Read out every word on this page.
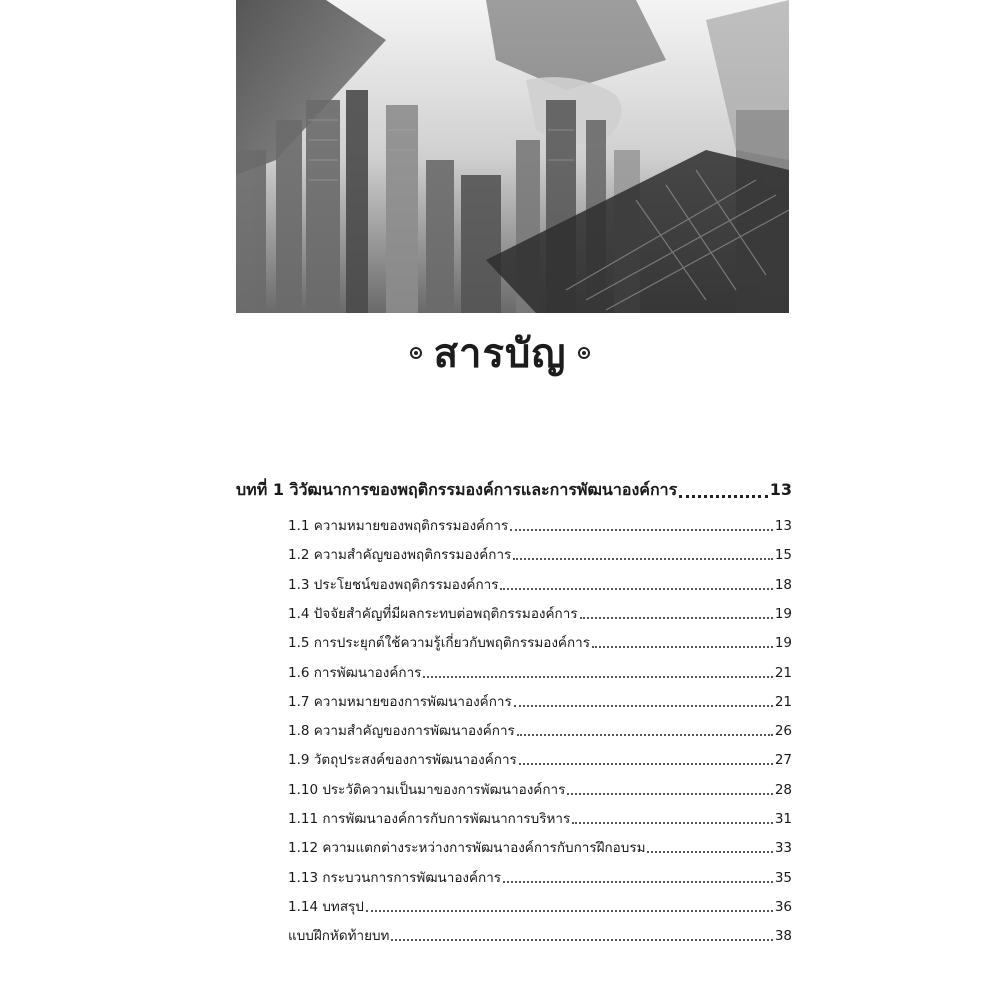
สารบัญ
บทที่ 1 วิวัฒนาการของพฤติกรรมองค์การและการพัฒนาองค์การ	13
1.1 ความหมายของพฤติกรรมองค์การ	13
1.2 ความสำคัญของพฤติกรรมองค์การ	15
1.3 ประโยชน์ของพฤติกรรมองค์การ	18
1.4 ปัจจัยสำคัญที่มีผลกระทบต่อพฤติกรรมองค์การ	19
1.5 การประยุกต์ใช้ความรู้เกี่ยวกับพฤติกรรมองค์การ	19
1.6 การพัฒนาองค์การ	21
1.7 ความหมายของการพัฒนาองค์การ	21
1.8 ความสำคัญของการพัฒนาองค์การ	26
1.9 วัตถุประสงค์ของการพัฒนาองค์การ	27
1.10 ประวัติความเป็นมาของการพัฒนาองค์การ	28
1.11 การพัฒนาองค์การกับการพัฒนาการบริหาร	31
1.12 ความแตกต่างระหว่างการพัฒนาองค์การกับการฝึกอบรม	33
1.13 กระบวนการการพัฒนาองค์การ	35
1.14 บทสรุป	36
แบบฝึกหัดท้ายบท	38
